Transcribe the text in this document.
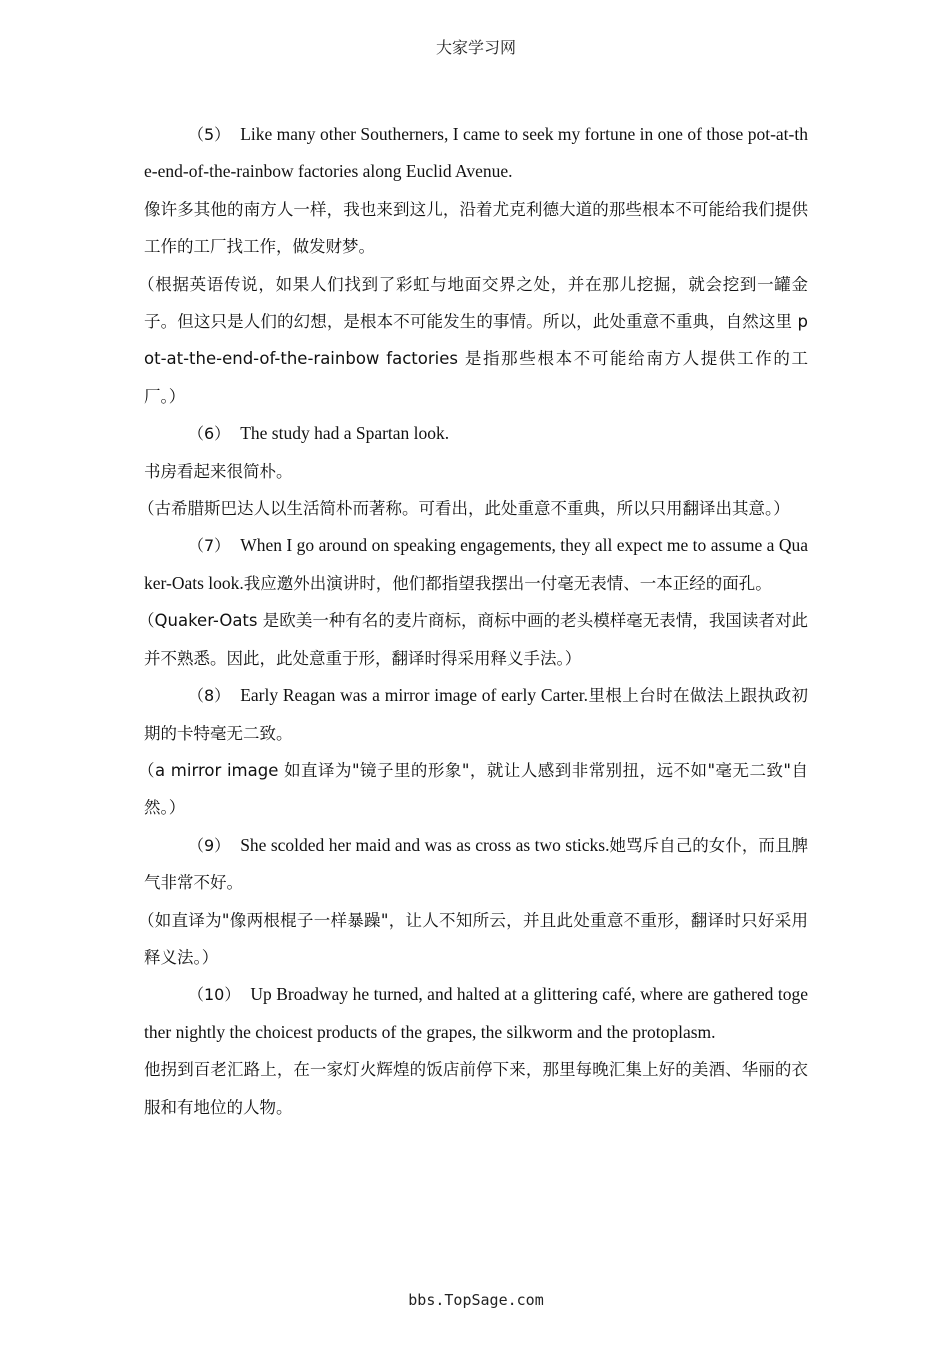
大家学习网

（5） Like many other Southerners, I came to seek my fortune in one of those pot-at-the-end-of-the-rainbow factories along Euclid Avenue.

像许多其他的南方人一样，我也来到这儿，沿着尤克利德大道的那些根本不可能给我们提供工作的工厂找工作，做发财梦。

（根据英语传说，如果人们找到了彩虹与地面交界之处，并在那儿挖掘，就会挖到一罐金子。但这只是人们的幻想，是根本不可能发生的事情。所以，此处重意不重典，自然这里 pot-at-the-end-of-the-rainbow factories 是指那些根本不可能给南方人提供工作的工厂。）

（6） The study had a Spartan look.

书房看起来很简朴。

（古希腊斯巴达人以生活简朴而著称。可看出，此处重意不重典，所以只用翻译出其意。）

（7） When I go around on speaking engagements, they all expect me to assume a Quaker-Oats look.我应邀外出演讲时，他们都指望我摆出一付毫无表情、一本正经的面孔。

（Quaker-Oats 是欧美一种有名的麦片商标，商标中画的老头模样毫无表情，我国读者对此并不熟悉。因此，此处意重于形，翻译时得采用释义手法。）

（8） Early Reagan was a mirror image of early Carter.里根上台时在做法上跟执政初期的卡特毫无二致。

（a mirror image 如直译为"镜子里的形象"，就让人感到非常别扭，远不如"毫无二致"自然。）

（9） She scolded her maid and was as cross as two sticks.她骂斥自己的女仆，而且脾气非常不好。

（如直译为"像两根棍子一样暴躁"，让人不知所云，并且此处重意不重形，翻译时只好采用释义法。）

（10） Up Broadway he turned, and halted at a glittering café, where are gathered together nightly the choicest products of the grapes, the silkworm and the protoplasm.

他拐到百老汇路上，在一家灯火辉煌的饭店前停下来，那里每晚汇集上好的美酒、华丽的衣服和有地位的人物。

bbs.TopSage.com
